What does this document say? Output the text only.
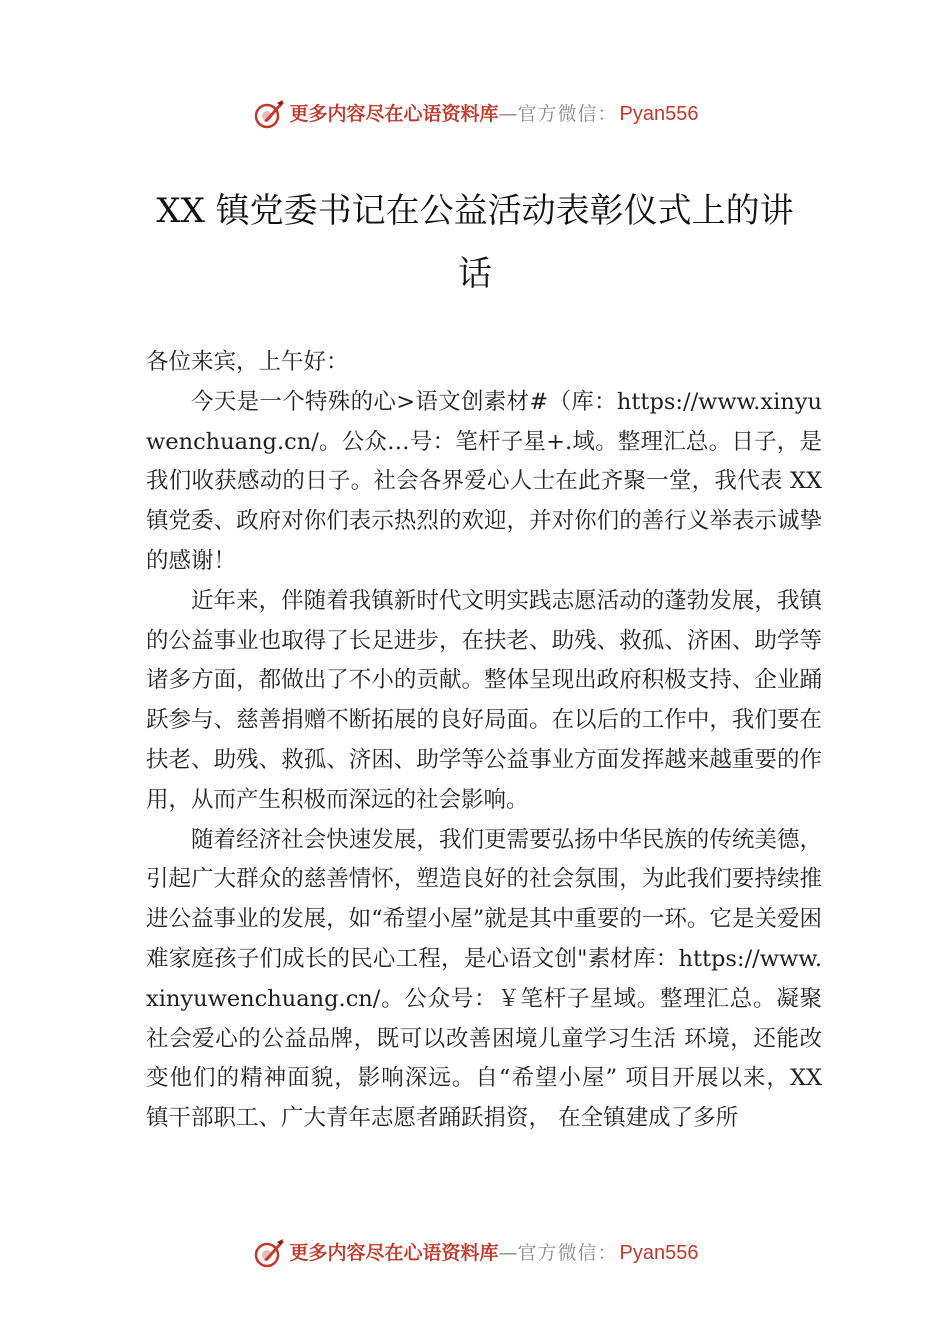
更多内容尽在心语资料库 — 官方微信： Pyan556
XX 镇党委书记在公益活动表彰仪式上的讲话

各位来宾，上午好：

今天是一个特殊的心>语文创素材#（库：https://www.xinyuwenchuang.cn/。公众…号：笔杆子星+.域。整理汇总。日子，是我们收获感动的日子。社会各界爱心人士在此齐聚一堂，我代表 XX 镇党委、政府对你们表示热烈的欢迎，并对你们的善行义举表示诚挚的感谢！

近年来，伴随着我镇新时代文明实践志愿活动的蓬勃发展，我镇的公益事业也取得了长足进步，在扶老、助残、救孤、济困、助学等诸多方面，都做出了不小的贡献。整体呈现出政府积极支持、企业踊跃参与、慈善捐赠不断拓展的良好局面。在以后的工作中，我们要在扶老、助残、救孤、济困、助学等公益事业方面发挥越来越重要的作用，从而产生积极而深远的社会影响。

随着经济社会快速发展，我们更需要弘扬中华民族的传统美德，引起广大群众的慈善情怀，塑造良好的社会氛围，为此我们要持续推进公益事业的发展，如“希望小屋”就是其中重要的一环。它是关爱困难家庭孩子们成长的民心工程，是心语文创"素材库：https://www.xinyuwenchuang.cn/。公众号：￥笔杆子星域。整理汇总。凝聚社会爱心的公益品牌，既可以改善困境儿童学习生活 环境，还能改变他们的精神面貌，影响深远。自“希望小屋” 项目开展以来，XX 镇干部职工、广大青年志愿者踊跃捐资， 在全镇建成了多所

更多内容尽在心语资料库 — 官方微信： Pyan556
